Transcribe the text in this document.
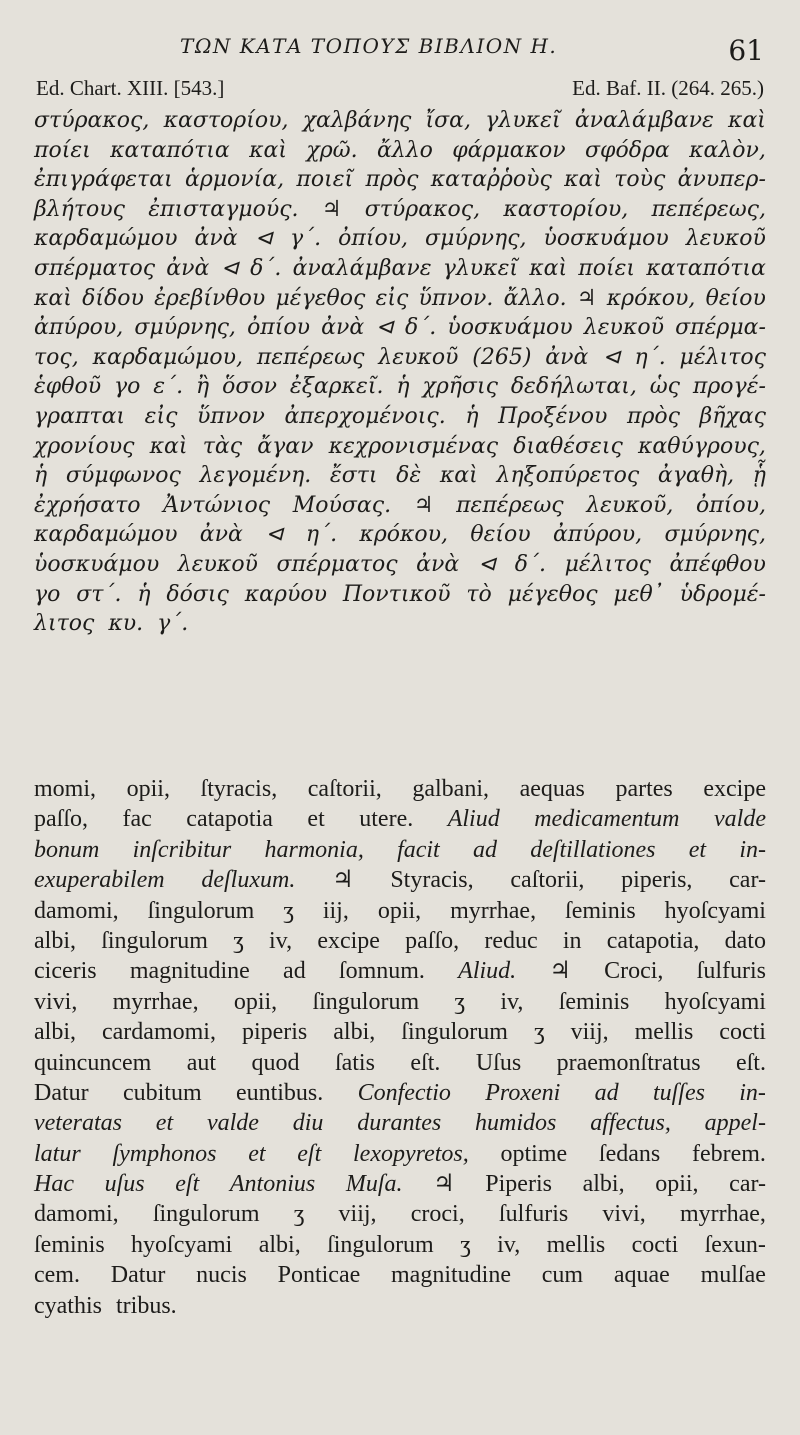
ΤΩΝ ΚΑΤΑ ΤΟΠΟΥΣ ΒΙΒΛΙΟΝ Η.	61
Ed. Chart. XIII. [543.]	Ed. Baf. II. (264. 265.)
στύρακος, καστορίου, χαλβάνης ἴσα, γλυκεῖ ἀναλάμβανε καὶ
ποίει καταπότια καὶ χρῶ. ἄλλο φάρμακον σφόδρα καλὸν,
ἐπιγράφεται ἁρμονία, ποιεῖ πρὸς καταῤῥοὺς καὶ τοὺς ἀνυπερ-
βλήτους ἐπισταγμούς. ♃ στύρακος, καστορίου, πεπέρεως,
καρδαμώμου ἀνὰ ⊲ γ΄. ὀπίου, σμύρνης, ὑοσκυάμου λευκοῦ
σπέρματος ἀνὰ ⊲ δ΄. ἀναλάμβανε γλυκεῖ καὶ ποίει καταπότια
καὶ δίδου ἐρεβίνθου μέγεθος εἰς ὕπνον. ἄλλο. ♃ κρόκου, θείου
ἀπύρου, σμύρνης, ὀπίου ἀνὰ ⊲ δ΄. ὑοσκυάμου λευκοῦ σπέρμα-
τος, καρδαμώμου, πεπέρεως λευκοῦ (265) ἀνὰ ⊲ η΄. μέλιτος
ἑφθοῦ γο ε΄. ἢ ὅσον ἐξαρκεῖ. ἡ χρῆσις δεδήλωται, ὡς προγέ-
γραπται εἰς ὕπνον ἀπερχομένοις. ἡ Προξένου πρὸς βῆχας
χρονίους καὶ τὰς ἄγαν κεχρονισμένας διαθέσεις καθύγρους,
ἡ σύμφωνος λεγομένη. ἔστι δὲ καὶ ληξοπύρετος ἀγαθὴ, ᾗ
ἐχρήσατο Ἀντώνιος Μούσας. ♃ πεπέρεως λευκοῦ, ὀπίου,
καρδαμώμου ἀνὰ ⊲ η΄. κρόκου, θείου ἀπύρου, σμύρνης,
ὑοσκυάμου λευκοῦ σπέρματος ἀνὰ ⊲ δ΄. μέλιτος ἀπέφθου
γο στ΄. ἡ δόσις καρύου Ποντικοῦ τὸ μέγεθος μεθ᾽ ὑδρομέ-
λιτος κυ. γ΄.
momi, opii, ſtyracis, caſtorii, galbani, aequas partes excipe
paſſo, fac catapotia et utere. Aliud medicamentum valde
bonum inſcribitur harmonia, facit ad deſtillationes et in-
exuperabilem deſluxum. ♃ Styracis, caſtorii, piperis, car-
damomi, ſingulorum ʒ iij, opii, myrrhae, ſeminis hyoſcyami
albi, ſingulorum ʒ iv, excipe paſſo, reduc in catapotia, dato
ciceris magnitudine ad ſomnum. Aliud. ♃ Croci, ſulfuris
vivi, myrrhae, opii, ſingulorum ʒ iv, ſeminis hyoſcyami
albi, cardamomi, piperis albi, ſingulorum ʒ viij, mellis cocti
quincuncem aut quod ſatis eſt. Uſus praemonſtratus eſt.
Datur cubitum euntibus. Confectio Proxeni ad tuſſes in-
veteratas et valde diu durantes humidos affectus, appel-
latur ſymphonos et eſt lexopyretos, optime ſedans febrem.
Hac uſus eſt Antonius Muſa. ♃ Piperis albi, opii, car-
damomi, ſingulorum ʒ viij, croci, ſulfuris vivi, myrrhae,
ſeminis hyoſcyami albi, ſingulorum ʒ iv, mellis cocti ſexun-
cem. Datur nucis Ponticae magnitudine cum aquae mulſae
cyathis tribus.
